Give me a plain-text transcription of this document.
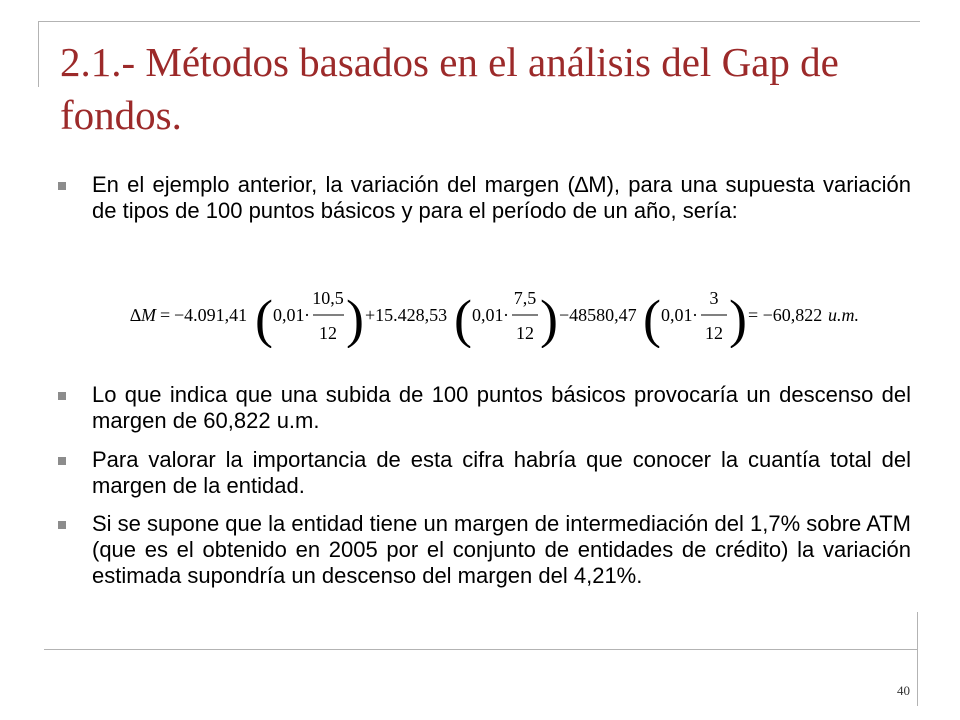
2.1.- Métodos basados en el análisis del Gap de fondos.

En el ejemplo anterior, la variación del margen (∆M), para una supuesta variación de tipos de 100 puntos básicos y para el período de un año, sería:

∆M = −4.091,41 ( 0,01 ·
10,5
12 ) +15.428,53 ( 0,01 ·
7,5
12 ) −48580,47 ( 0,01 ·
3
12 ) = −60,822 u.m.

Lo que indica que una subida de 100 puntos básicos provocaría un descenso del margen de 60,822 u.m.

Para valorar la importancia de esta cifra habría que conocer la cuantía total del margen de la entidad.

Si se supone que la entidad tiene un margen de intermediación del 1,7% sobre ATM (que es el obtenido en 2005 por el conjunto de entidades de crédito) la variación estimada supondría un descenso del margen del 4,21%.

40
